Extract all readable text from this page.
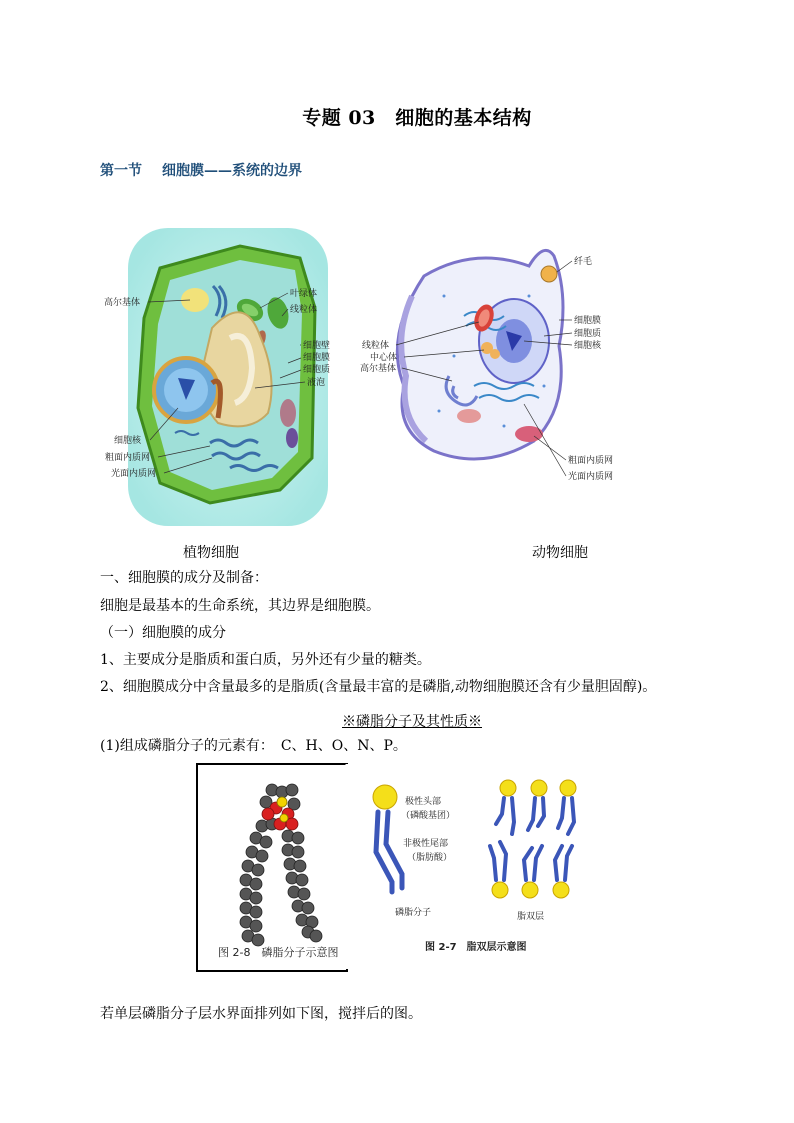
专题 03　细胞的基本结构
第一节 细胞膜——系统的边界
高尔基体
叶绿体
线粒体
细胞壁
细胞膜
细胞质
液泡
细胞核
粗面内质网
光面内质网
纤毛
线粒体
中心体
高尔基体
细胞膜
细胞质
细胞核
粗面内质网
光面内质网
植物细胞	动物细胞
一、细胞膜的成分及制备：
细胞是最基本的生命系统，其边界是细胞膜。
（一）细胞膜的成分
1、主要成分是脂质和蛋白质，另外还有少量的糖类。
2、细胞膜成分中含量最多的是脂质(含量最丰富的是磷脂,动物细胞膜还含有少量胆固醇)。
※磷脂分子及其性质※
(1)组成磷脂分子的元素有：　C、H、O、N、P。
图 2-8　磷脂分子示意图
极性头部
（磷酸基团）
非极性尾部
（脂肪酸）
磷脂分子	脂双层
图 2-7　脂双层示意图
若单层磷脂分子层水界面排列如下图，搅拌后的图。
